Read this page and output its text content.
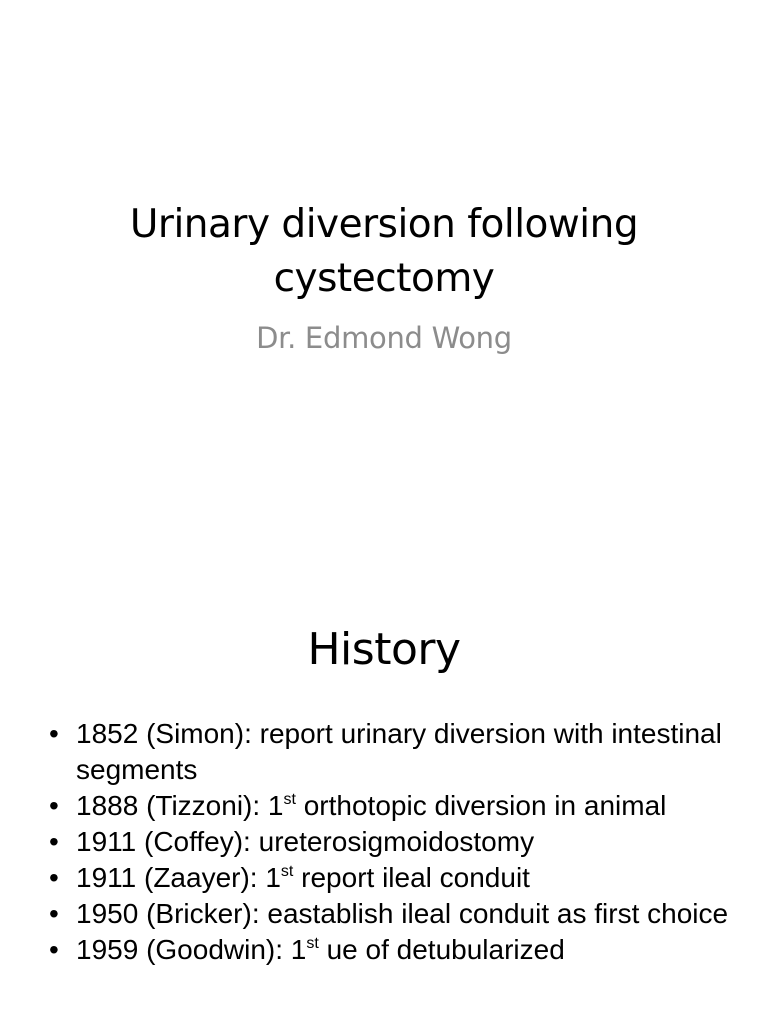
Urinary diversion following
cystectomy
Dr. Edmond Wong
History
• 1852 (Simon): report urinary diversion with intestinal segments
• 1888 (Tizzoni): 1st orthotopic diversion in animal
• 1911 (Coffey): ureterosigmoidostomy
• 1911 (Zaayer): 1st report ileal conduit
• 1950 (Bricker): eastablish ileal conduit as first choice
• 1959 (Goodwin): 1st ue of detubularized
